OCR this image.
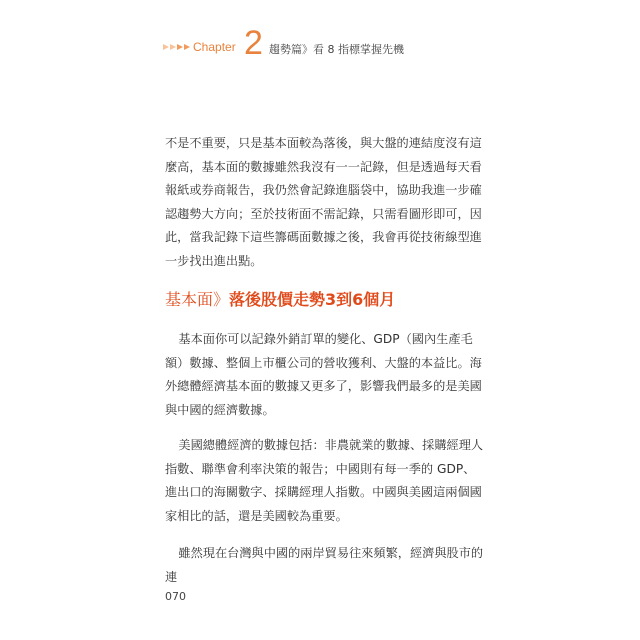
Chapter 2 趨勢篇》看 8 指標掌握先機

不是不重要，只是基本面較為落後，與大盤的連結度沒有這麼高，基本面的數據雖然我沒有一一記錄，但是透過每天看報紙或券商報告，我仍然會記錄進腦袋中，協助我進一步確認趨勢大方向；至於技術面不需記錄，只需看圖形即可，因此，當我記錄下這些籌碼面數據之後，我會再從技術線型進一步找出進出點。

基本面》落後股價走勢3到6個月

基本面你可以記錄外銷訂單的變化、GDP（國內生產毛額）數據、整個上市櫃公司的營收獲利、大盤的本益比。海外總體經濟基本面的數據又更多了，影響我們最多的是美國與中國的經濟數據。

美國總體經濟的數據包括：非農就業的數據、採購經理人指數、聯準會利率決策的報告；中國則有每一季的 GDP、進出口的海關數字、採購經理人指數。中國與美國這兩個國家相比的話，還是美國較為重要。

雖然現在台灣與中國的兩岸貿易往來頻繁，經濟與股市的連

070
